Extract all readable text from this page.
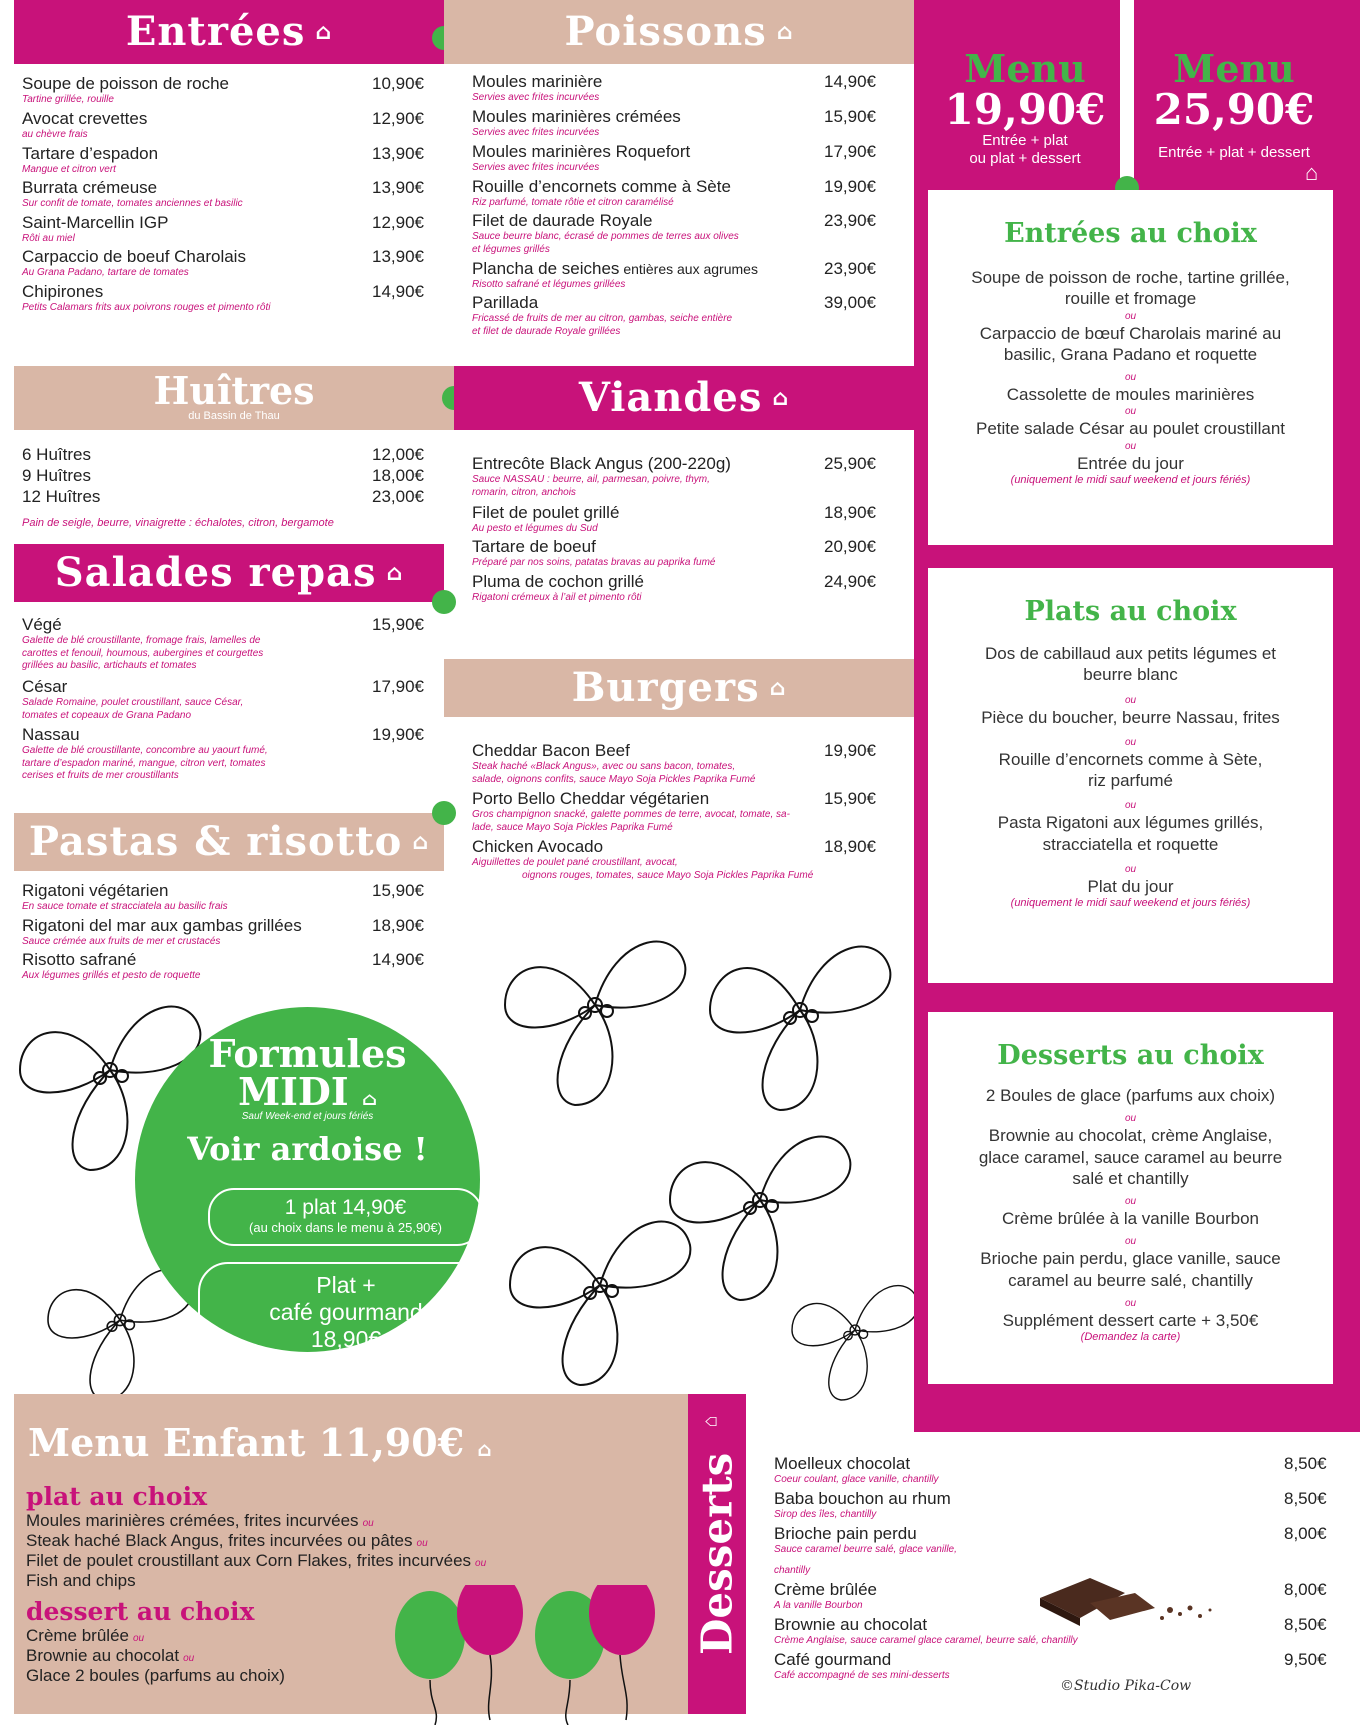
Menu
19,90€
Entrée + plat
ou plat + dessert
Menu
25,90€
Entrée + plat + dessert
⌂
Entrées au choix
Soupe de poisson de roche, tartine grillée,
rouille et fromage
ou
Carpaccio de bœuf Charolais mariné au
basilic, Grana Padano et roquette
ou
Cassolette de moules marinières
ou
Petite salade César au poulet croustillant
ou
Entrée du jour
(uniquement le midi sauf weekend et jours fériés)
Plats au choix
Dos de cabillaud aux petits légumes et
beurre blanc
ou
Pièce du boucher, beurre Nassau, frites
ou
Rouille d’encornets comme à Sète,
riz parfumé
ou
Pasta Rigatoni aux légumes grillés,
stracciatella et roquette
ou
Plat du jour
(uniquement le midi sauf weekend et jours fériés)
Desserts au choix
2 Boules de glace (parfums aux choix)
ou
Brownie au chocolat, crème Anglaise,
glace caramel, sauce caramel au beurre
salé et chantilly
ou
Crème brûlée à la vanille Bourbon
ou
Brioche pain perdu, glace vanille, sauce
caramel au beurre salé, chantilly
ou
Supplément dessert carte + 3,50€
(Demandez la carte)
Entrées ⌂	Poissons ⌂
Soupe de poisson de roche
Tartine grillée, rouille
10,90€
Avocat crevettes
au chèvre frais
12,90€
Tartare d’espadon
Mangue et citron vert
13,90€
Burrata crémeuse
Sur confit de tomate, tomates anciennes et basilic
13,90€
Saint-Marcellin IGP
Rôti au miel
12,90€
Carpaccio de boeuf Charolais
Au Grana Padano, tartare de tomates
13,90€
Chipirones
Petits Calamars frits aux poivrons rouges et pimento rôti
14,90€
Moules marinière
Servies avec frites incurvées
14,90€
Moules marinières crémées
Servies avec frites incurvées
15,90€
Moules marinières Roquefort
Servies avec frites incurvées
17,90€
Rouille d’encornets comme à Sète
Riz parfumé, tomate rôtie et citron caramélisé
19,90€
Filet de daurade Royale
Sauce beurre blanc, écrasé de pommes de terres aux olives
et légumes grillés
23,90€
Plancha de seiches entières aux agrumes
Risotto safrané et légumes grillées
23,90€
Parillada
Fricassé de fruits de mer au citron, gambas, seiche entière
et filet de daurade Royale grillées
39,00€
Huîtres
du Bassin de Thau
6 Huîtres	12,00€
9 Huîtres	18,00€
12 Huîtres	23,00€
Pain de seigle, beurre, vinaigrette : échalotes, citron, bergamote
Viandes ⌂
Entrecôte Black Angus (200-220g)
Sauce NASSAU : beurre, ail, parmesan, poivre, thym,
romarin, citron, anchois
25,90€
Filet de poulet grillé
Au pesto et légumes du Sud
18,90€
Tartare de boeuf
Préparé par nos soins, patatas bravas au paprika fumé
20,90€
Pluma de cochon grillé
Rigatoni crémeux à l’ail et pimento rôti
24,90€
Salades repas ⌂
Végé
Galette de blé croustillante, fromage frais, lamelles de
carottes et fenouil, houmous, aubergines et courgettes
grillées au basilic, artichauts et tomates
15,90€
César
Salade Romaine, poulet croustillant, sauce César,
tomates et copeaux de Grana Padano
17,90€
Nassau
Galette de blé croustillante, concombre au yaourt fumé,
tartare d’espadon mariné, mangue, citron vert, tomates
cerises et fruits de mer croustillants
19,90€
Burgers ⌂
Cheddar Bacon Beef
Steak haché «Black Angus», avec ou sans bacon, tomates,
salade, oignons confits, sauce Mayo Soja Pickles Paprika Fumé
19,90€
Porto Bello Cheddar végétarien
Gros champignon snacké, galette pommes de terre, avocat, tomate, sa-
lade, sauce Mayo Soja Pickles Paprika Fumé
15,90€
Chicken Avocado
Aiguillettes de poulet pané croustillant, avocat,
oignons rouges, tomates, sauce Mayo Soja Pickles Paprika Fumé
18,90€
Pastas & risotto ⌂
Rigatoni végétarien
En sauce tomate et stracciatela au basilic frais
15,90€
Rigatoni del mar aux gambas grillées
Sauce crémée aux fruits de mer et crustacés
18,90€
Risotto safrané
Aux légumes grillés et pesto de roquette
14,90€
Formules
MIDI ⌂
Sauf Week-end et jours fériés
Voir ardoise !
1 plat 14,90€
(au choix dans le menu à 25,90€)
Plat +
café gourmand
18,90€
Menu Enfant 11,90€ ⌂
plat au choix
Moules marinières crémées, frites incurvées ou
Steak haché Black Angus, frites incurvées ou pâtes ou
Filet de poulet croustillant aux Corn Flakes, frites incurvées ou
Fish and chips
dessert au choix
Crème brûlée ou
Brownie au chocolat ou
Glace 2 boules (parfums au choix)
Desserts
⌂
Moelleux chocolat
Coeur coulant, glace vanille, chantilly
8,50€
Baba bouchon au rhum
Sirop des îles, chantilly
8,50€
Brioche pain perdu
Sauce caramel beurre salé, glace vanille,
chantilly
8,00€
Crème brûlée
A la vanille Bourbon
8,00€
Brownie au chocolat
Crème Anglaise, sauce caramel glace caramel, beurre salé, chantilly
8,50€
Café gourmand
Café accompagné de ses mini-desserts
9,50€
©Studio Pika-Cow
